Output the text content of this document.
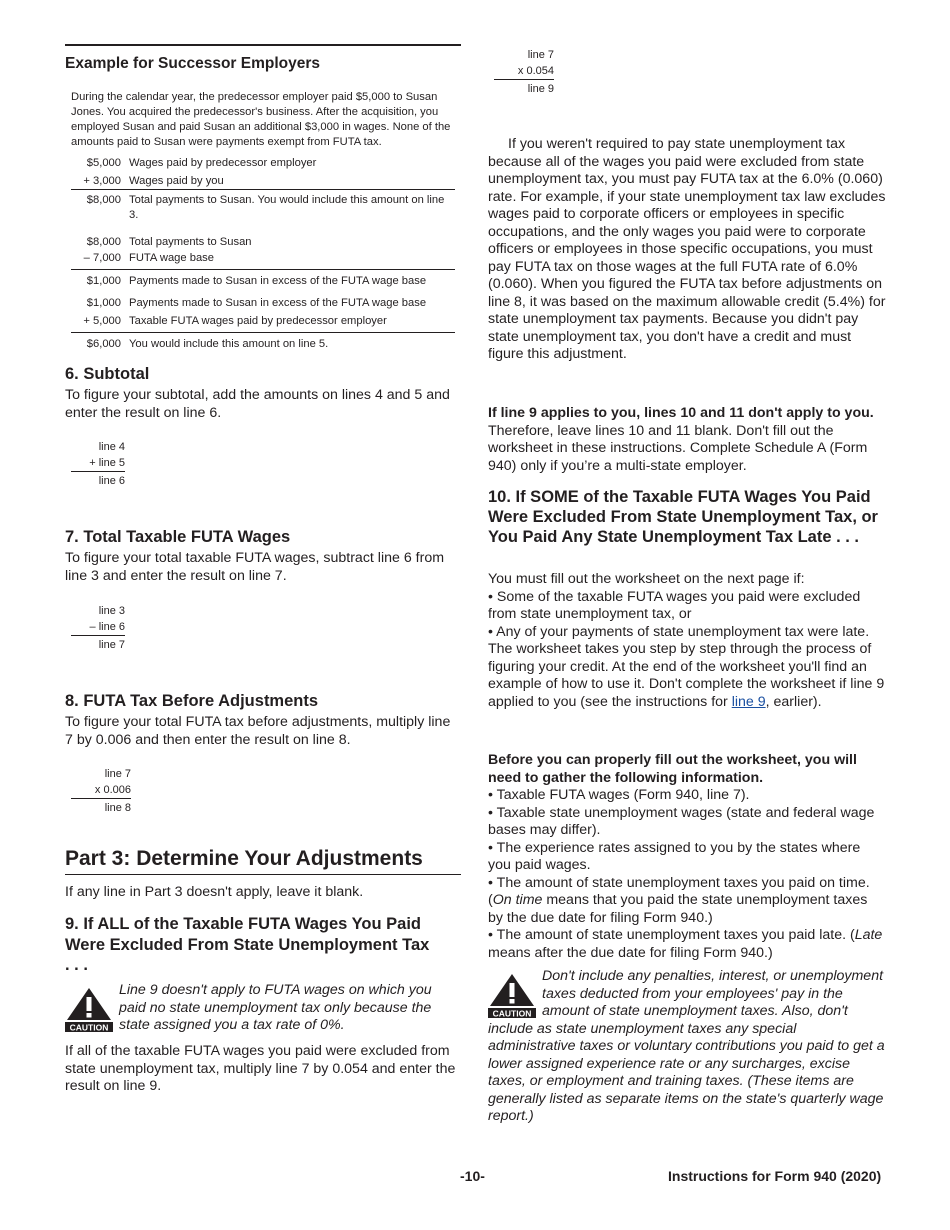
Example for Successor Employers
During the calendar year, the predecessor employer paid $5,000 to Susan Jones. You acquired the predecessor's business. After the acquisition, you employed Susan and paid Susan an additional $3,000 in wages. None of the amounts paid to Susan were payments exempt from FUTA tax.
$5,000 Wages paid by predecessor employer
+ 3,000 Wages paid by you
$8,000 Total payments to Susan. You would include this amount on line 3.
$8,000 Total payments to Susan
– 7,000 FUTA wage base
$1,000 Payments made to Susan in excess of the FUTA wage base
$1,000 Payments made to Susan in excess of the FUTA wage base
+ 5,000 Taxable FUTA wages paid by predecessor employer
$6,000 You would include this amount on line 5.
6. Subtotal
To figure your subtotal, add the amounts on lines 4 and 5 and enter the result on line 6.
line 4
+ line 5
line 6
7. Total Taxable FUTA Wages
To figure your total taxable FUTA wages, subtract line 6 from line 3 and enter the result on line 7.
line 3
– line 6
line 7
8. FUTA Tax Before Adjustments
To figure your total FUTA tax before adjustments, multiply line 7 by 0.006 and then enter the result on line 8.
line 7
x 0.006
line 8
Part 3: Determine Your Adjustments
If any line in Part 3 doesn't apply, leave it blank.
9. If ALL of the Taxable FUTA Wages You Paid Were Excluded From State Unemployment Tax . . .
CAUTION
Line 9 doesn't apply to FUTA wages on which you paid no state unemployment tax only because the state assigned you a tax rate of 0%.
If all of the taxable FUTA wages you paid were excluded from state unemployment tax, multiply line 7 by 0.054 and enter the result on line 9.
line 7
x 0.054
line 9
If you weren't required to pay state unemployment tax because all of the wages you paid were excluded from state unemployment tax, you must pay FUTA tax at the 6.0% (0.060) rate. For example, if your state unemployment tax law excludes wages paid to corporate officers or employees in specific occupations, and the only wages you paid were to corporate officers or employees in those specific occupations, you must pay FUTA tax on those wages at the full FUTA rate of 6.0% (0.060). When you figured the FUTA tax before adjustments on line 8, it was based on the maximum allowable credit (5.4%) for state unemployment tax payments. Because you didn't pay state unemployment tax, you don't have a credit and must figure this adjustment.
If line 9 applies to you, lines 10 and 11 don't apply to you. Therefore, leave lines 10 and 11 blank. Don't fill out the worksheet in these instructions. Complete Schedule A (Form 940) only if you’re a multi-state employer.
10. If SOME of the Taxable FUTA Wages You Paid Were Excluded From State Unemployment Tax, or You Paid Any State Unemployment Tax Late . . .

You must fill out the worksheet on the next page if:

• Some of the taxable FUTA wages you paid were excluded from state unemployment tax, or

• Any of your payments of state unemployment tax were late.

The worksheet takes you step by step through the process of figuring your credit. At the end of the worksheet you'll find an example of how to use it. Don't complete the worksheet if line 9 applied to you (see the instructions for line 9, earlier).

Before you can properly fill out the worksheet, you will need to gather the following information.

• Taxable FUTA wages (Form 940, line 7).

• Taxable state unemployment wages (state and federal wage bases may differ).

• The experience rates assigned to you by the states where you paid wages.

• The amount of state unemployment taxes you paid on time. (On time means that you paid the state unemployment taxes by the due date for filing Form 940.)

• The amount of state unemployment taxes you paid late. (Late means after the due date for filing Form 940.)

CAUTION
Don't include any penalties, interest, or unemployment taxes deducted from your employees' pay in the amount of state unemployment taxes. Also, don't include as state unemployment taxes any special administrative taxes or voluntary contributions you paid to get a lower assigned experience rate or any surcharges, excise taxes, or employment and training taxes. (These items are generally listed as separate items on the state's quarterly wage report.)
-10-	Instructions for Form 940 (2020)
